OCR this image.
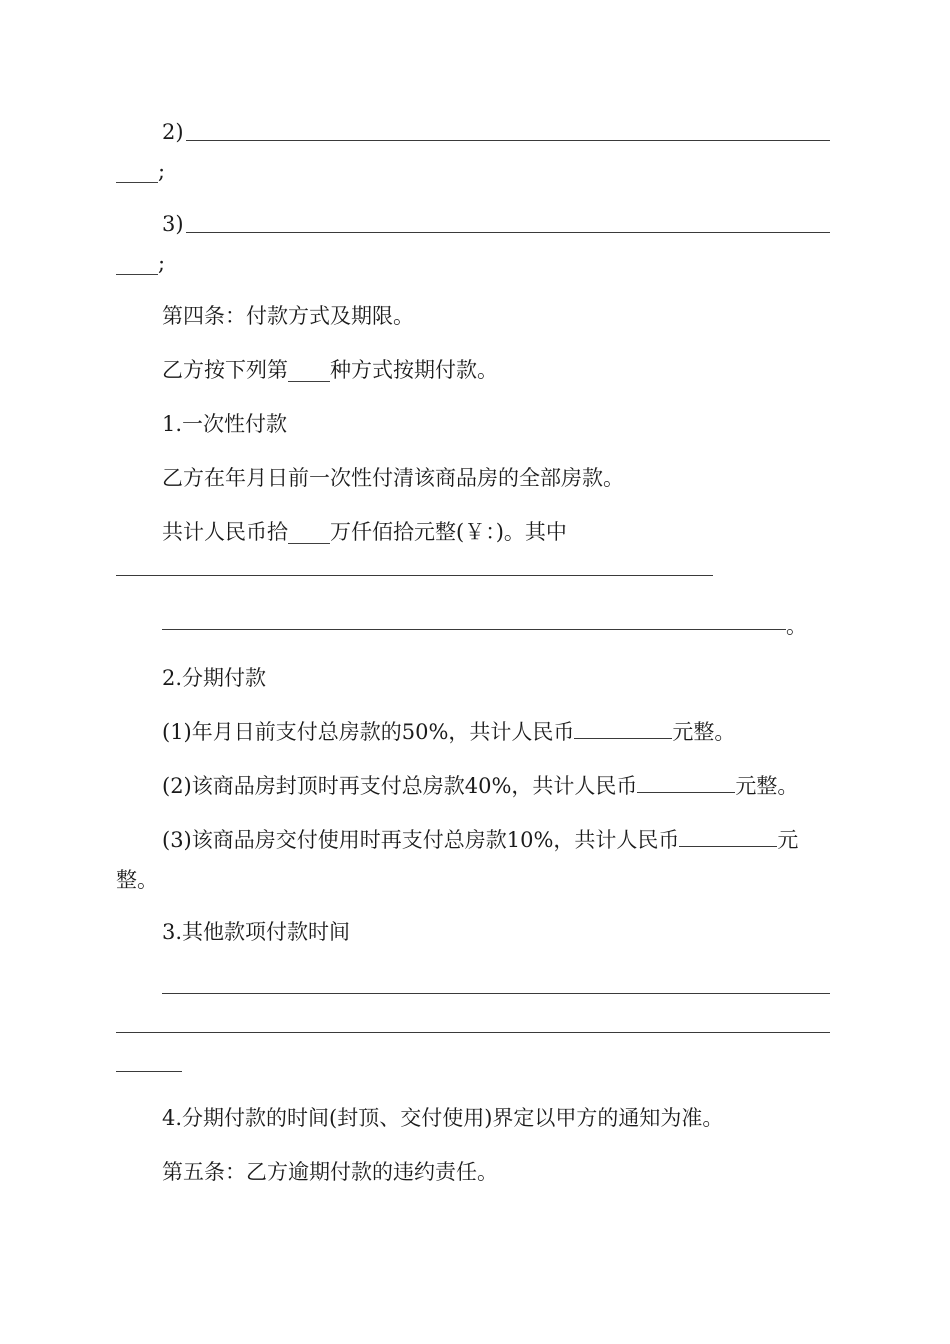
2)

____;

3)

____;

第四条：付款方式及期限。

乙方按下列第____种方式按期付款。

1.一次性付款

乙方在年月日前一次性付清该商品房的全部房款。

共计人民币拾____万仟佰拾元整(￥：)。其中

。

2.分期付款

(1)年月日前支付总房款的50%，共计人民币	元整。

(2)该商品房封顶时再支付总房款40%，共计人民币	元整。

(3)该商品房交付使用时再支付总房款10%，共计人民币	元

整。

3.其他款项付款时间

4.分期付款的时间(封顶、交付使用)界定以甲方的通知为准。

第五条：乙方逾期付款的违约责任。
